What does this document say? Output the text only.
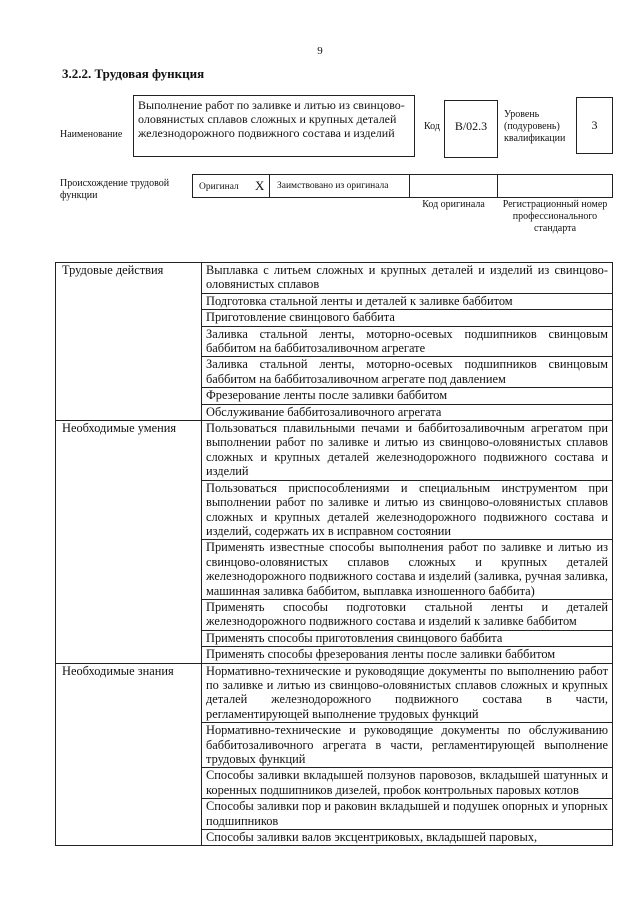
9
3.2.2. Трудовая функция
Наименование
Выполнение работ по заливке и литью из свинцово-оловянистых сплавов сложных и крупных деталей железнодорожного подвижного состава и изделий	Код	B/02.3
Уровень (подуровень) квалификации
3
Происхождение трудовой функции
Оригинал X Заимствовано из оригинала
Код оригинала	Регистрационный номер профессионального стандарта
Трудовые действия	Выплавка с литьем сложных и крупных деталей и изделий из свинцово-оловянистых сплавов
	Подготовка стальной ленты и деталей к заливке баббитом
	Приготовление свинцового баббита
	Заливка стальной ленты, моторно-осевых подшипников свинцовым баббитом на баббитозаливочном агрегате
	Заливка стальной ленты, моторно-осевых подшипников свинцовым баббитом на баббитозаливочном агрегате под давлением
	Фрезерование ленты после заливки баббитом
	Обслуживание баббитозаливочного агрегата
Необходимые умения	Пользоваться плавильными печами и баббитозаливочным агрегатом при выполнении работ по заливке и литью из свинцово-оловянистых сплавов сложных и крупных деталей железнодорожного подвижного состава и изделий
	Пользоваться приспособлениями и специальным инструментом при выполнении работ по заливке и литью из свинцово-оловянистых сплавов сложных и крупных деталей железнодорожного подвижного состава и изделий, содержать их в исправном состоянии
	Применять известные способы выполнения работ по заливке и литью из свинцово-оловянистых сплавов сложных и крупных деталей железнодорожного подвижного состава и изделий (заливка, ручная заливка, машинная заливка баббитом, выплавка изношенного баббита)
	Применять способы подготовки стальной ленты и деталей железнодорожного подвижного состава и изделий к заливке баббитом
	Применять способы приготовления свинцового баббита
	Применять способы фрезерования ленты после заливки баббитом
Необходимые знания	Нормативно-технические и руководящие документы по выполнению работ по заливке и литью из свинцово-оловянистых сплавов сложных и крупных деталей железнодорожного подвижного состава в части, регламентирующей выполнение трудовых функций
	Нормативно-технические и руководящие документы по обслуживанию баббитозаливочного агрегата в части, регламентирующей выполнение трудовых функций
	Способы заливки вкладышей ползунов паровозов, вкладышей шатунных и коренных подшипников дизелей, пробок контрольных паровых котлов
	Способы заливки пор и раковин вкладышей и подушек опорных и упорных подшипников
	Способы заливки валов эксцентриковых, вкладышей паровых,
